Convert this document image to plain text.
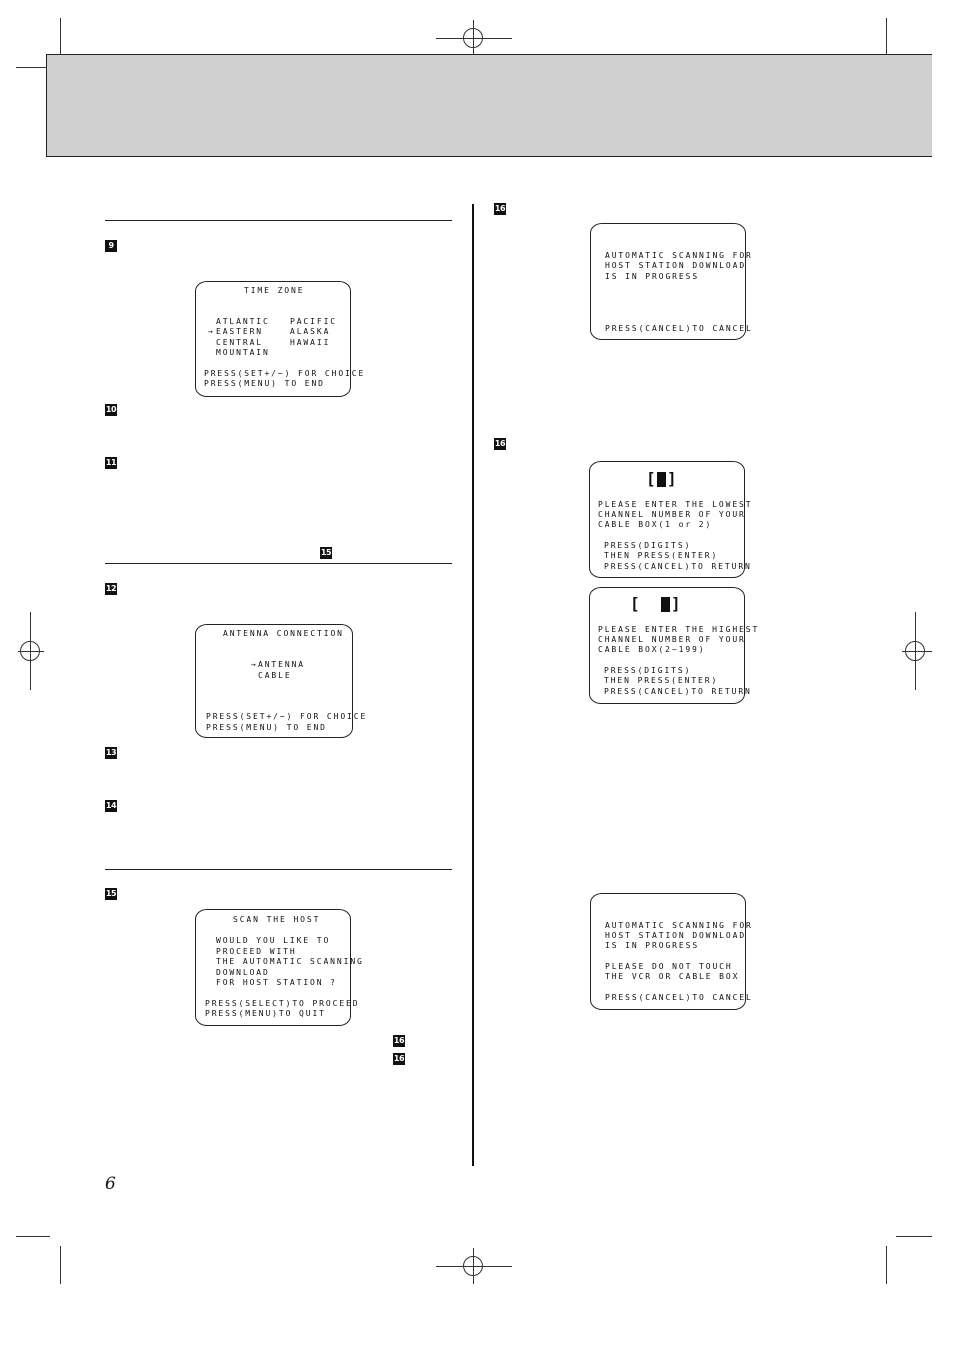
9
10
11
15
12
13
14
15
16
16
16
16
TIME ZONE
ATLANTIC
→ EASTERN
CENTRAL
MOUNTAIN
PACIFIC
ALASKA
HAWAII
PRESS(SET+/−) FOR CHOICE
PRESS(MENU) TO END
ANTENNA CONNECTION
→ ANTENNA
CABLE
PRESS(SET+/−) FOR CHOICE
PRESS(MENU) TO END
SCAN THE HOST
WOULD YOU LIKE TO
PROCEED WITH
THE AUTOMATIC SCANNING
DOWNLOAD
FOR HOST STATION ?
PRESS(SELECT)TO PROCEED
PRESS(MENU)TO QUIT
AUTOMATIC SCANNING FOR
HOST STATION DOWNLOAD
IS IN PROGRESS
PRESS(CANCEL)TO CANCEL
[ ]
PLEASE ENTER THE LOWEST
CHANNEL NUMBER OF YOUR
CABLE BOX(1 or 2)
PRESS(DIGITS)
THEN PRESS(ENTER)
PRESS(CANCEL)TO RETURN
[ ]
PLEASE ENTER THE HIGHEST
CHANNEL NUMBER OF YOUR
CABLE BOX(2~199)
PRESS(DIGITS)
THEN PRESS(ENTER)
PRESS(CANCEL)TO RETURN
AUTOMATIC SCANNING FOR
HOST STATION DOWNLOAD
IS IN PROGRESS
PLEASE DO NOT TOUCH
THE VCR OR CABLE BOX
PRESS(CANCEL)TO CANCEL
6
